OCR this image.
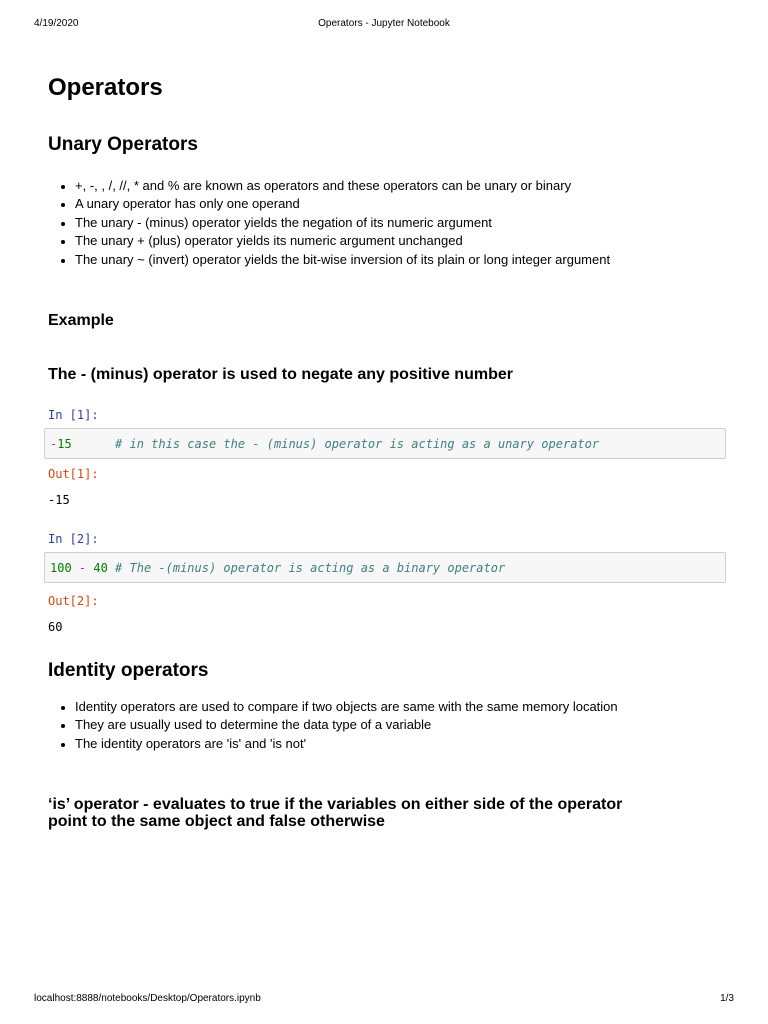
4/19/2020	Operators - Jupyter Notebook
Operators
Unary Operators
+, -, , /, //, * and % are known as operators and these operators can be unary or binary
A unary operator has only one operand
The unary - (minus) operator yields the negation of its numeric argument
The unary + (plus) operator yields its numeric argument unchanged
The unary ~ (invert) operator yields the bit-wise inversion of its plain or long integer argument
Example
The - (minus) operator is used to negate any positive number
In [1]:
- 15
	# in this case the - (minus) operator is acting as a unary operator
Out[1]:
-15
In [2]:
100 - 40 # The -(minus) operator is acting as a binary operator
Out[2]:
60
Identity operators
Identity operators are used to compare if two objects are same with the same memory location
They are usually used to determine the data type of a variable
The identity operators are 'is' and 'is not'
‘is’ operator - evaluates to true if the variables on either side of the operator
point to the same object and false otherwise
localhost:8888/notebooks/Desktop/Operators.ipynb	1/3
